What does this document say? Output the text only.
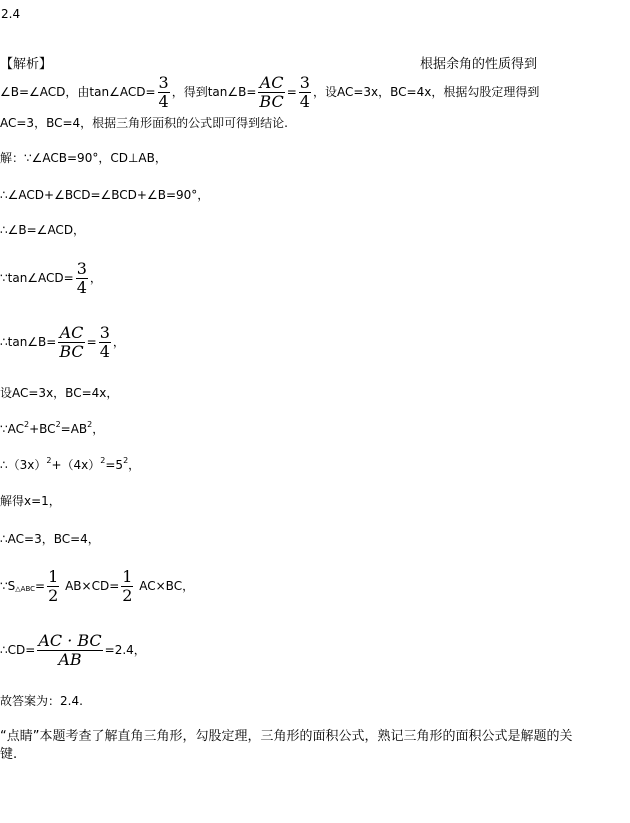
2.4
【解析】	根据余角的性质得到
∠B=∠ACD，由tan∠ACD= $\frac{3}{4}$ ，得到tan∠B= $\frac{AC}{BC} = \frac{3}{4}$ ，设AC=3x，BC=4x，根据勾股定理得到
AC=3，BC=4，根据三角形面积的公式即可得到结论.
解：∵∠ACB=90°，CD⊥AB，
∴∠ACD+∠BCD=∠BCD+∠B=90°，
∴∠B=∠ACD，
∵tan∠ACD= $\frac{3}{4}$ ，
∴tan∠B= $\frac{AC}{BC} = \frac{3}{4}$ ，
设AC=3x，BC=4x，
$\because AC^2+BC^2=AB^2$，
$\therefore(3x)^2+(4x)^2=5^2$，
解得x=1，
∴AC=3，BC=4，
∵S△ABC= $\frac{1}{2} AB\times CD= \frac{1}{2} AC\times BC$，
∴CD= $\frac{AC \cdot BC}{AB} =2.4$，
故答案为：2.4.
“点睛”本题考查了解直角三角形，勾股定理，三角形的面积公式，熟记三角形的面积公式是解题的关
键.
